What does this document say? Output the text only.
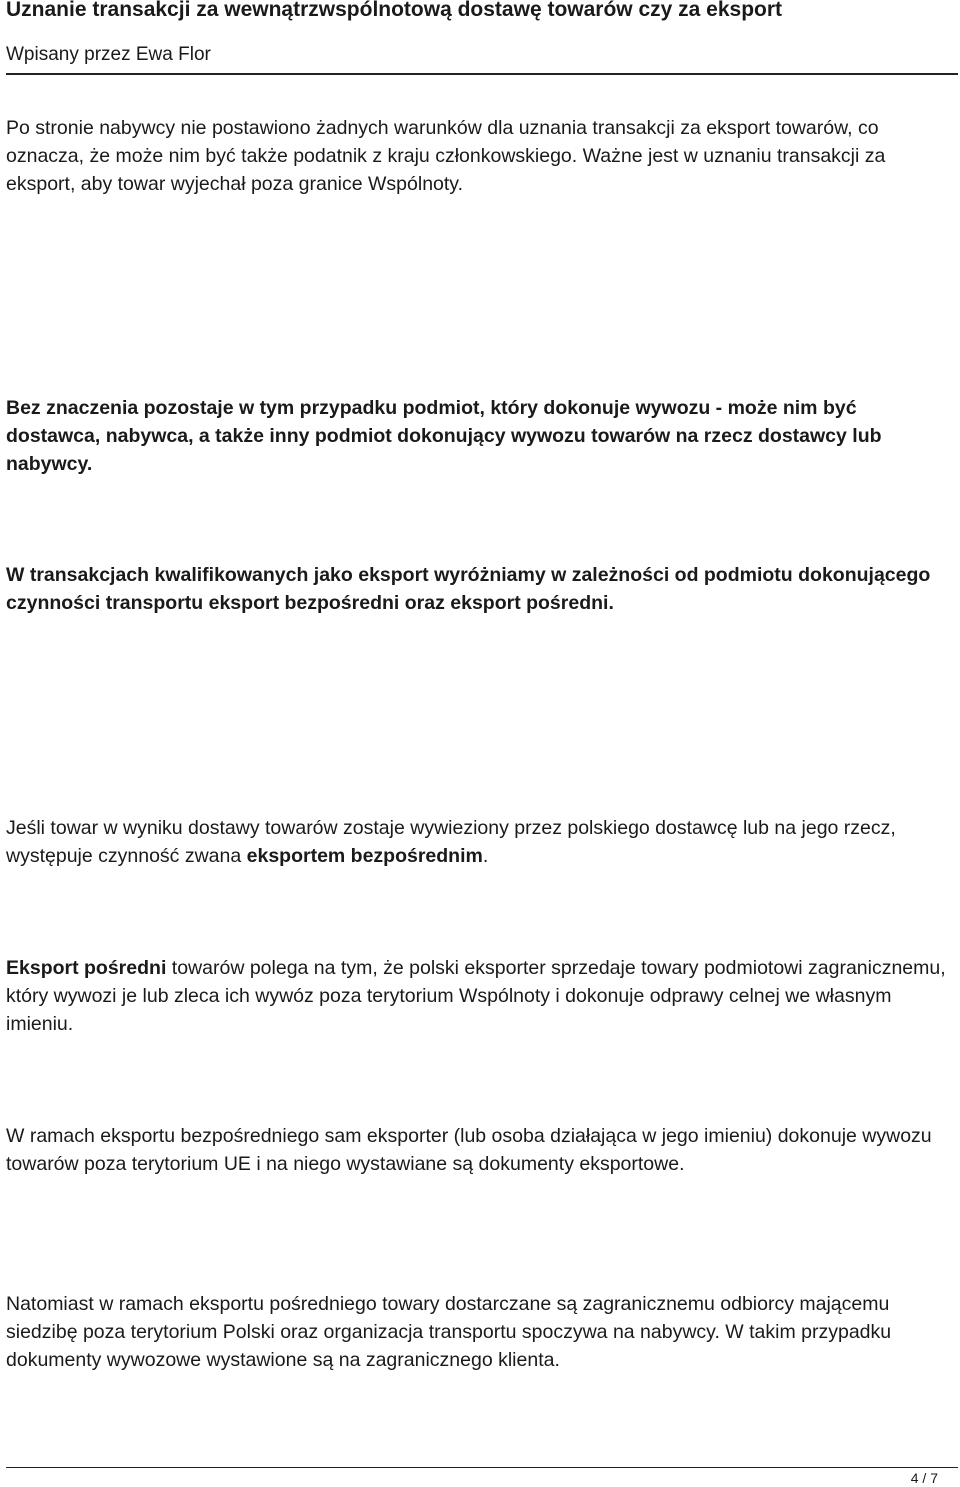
Uznanie transakcji za wewnątrzwspólnotową dostawę towarów czy za eksport
Wpisany przez Ewa Flor

Po stronie nabywcy nie postawiono żadnych warunków dla uznania transakcji za eksport towarów, co oznacza, że może nim być także podatnik z kraju członkowskiego. Ważne jest w uznaniu transakcji za eksport, aby towar wyjechał poza granice Wspólnoty.

Bez znaczenia pozostaje w tym przypadku podmiot, który dokonuje wywozu - może nim być dostawca, nabywca, a także inny podmiot dokonujący wywozu towarów na rzecz dostawcy lub nabywcy.

W transakcjach kwalifikowanych jako eksport wyróżniamy w zależności od podmiotu dokonującego czynności transportu eksport bezpośredni oraz eksport pośredni.

Jeśli towar w wyniku dostawy towarów zostaje wywieziony przez polskiego dostawcę lub na jego rzecz, występuje czynność zwana eksportem bezpośrednim.

Eksport pośredni towarów polega na tym, że polski eksporter sprzedaje towary podmiotowi zagranicznemu, który wywozi je lub zleca ich wywóz poza terytorium Wspólnoty i dokonuje odprawy celnej we własnym imieniu.

W ramach eksportu bezpośredniego sam eksporter (lub osoba działająca w jego imieniu) dokonuje wywozu towarów poza terytorium UE i na niego wystawiane są dokumenty eksportowe.

Natomiast w ramach eksportu pośredniego towary dostarczane są zagranicznemu odbiorcy mającemu siedzibę poza terytorium Polski oraz organizacja transportu spoczywa na nabywcy. W takim przypadku dokumenty wywozowe wystawione są na zagranicznego klienta.

4 / 7
